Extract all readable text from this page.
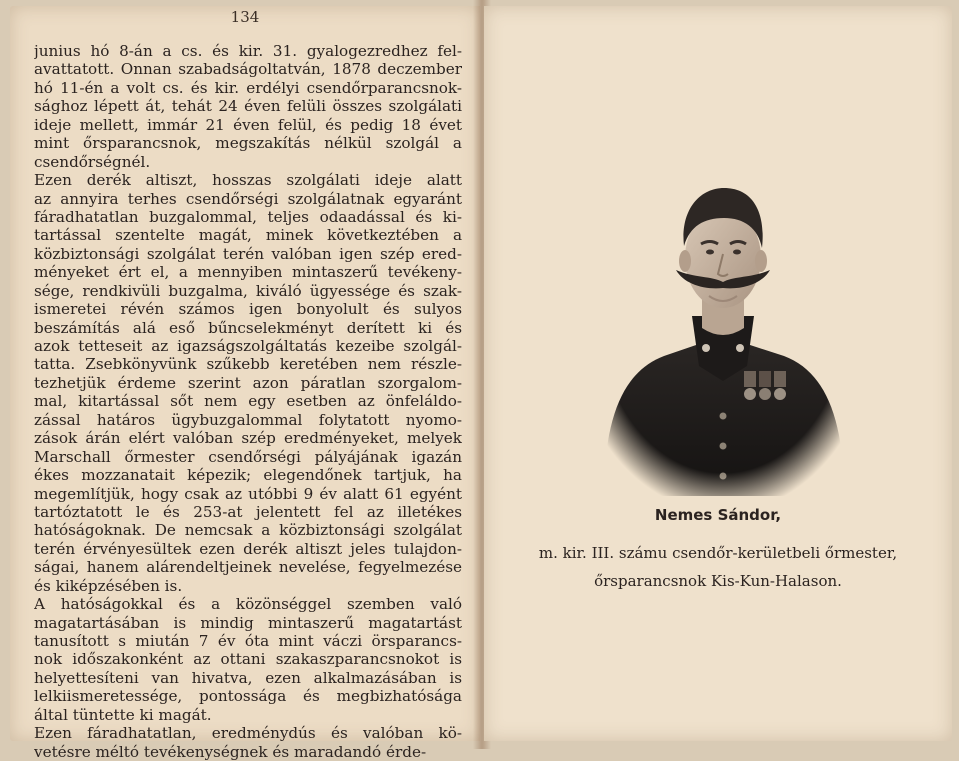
134
junius hó 8-án a cs. és kir. 31. gyalogezredhez fel-
avattatott. Onnan szabadságoltatván, 1878 deczember
hó 11-én a volt cs. és kir. erdélyi csendőrparancsnok-
sághoz lépett át, tehát 24 éven felüli összes szolgálati
ideje mellett, immár 21 éven felül, és pedig 18 évet
mint őrsparancsnok, megszakítás nélkül szolgál a
csendőrségnél.
Ezen derék altiszt, hosszas szolgálati ideje alatt
az annyira terhes csendőrségi szolgálatnak egyaránt
fáradhatatlan buzgalommal, teljes odaadással és ki-
tartással szentelte magát, minek következtében a
közbiztonsági szolgálat terén valóban igen szép ered-
ményeket ért el, a mennyiben mintaszerű tevékeny-
sége, rendkivüli buzgalma, kiváló ügyessége és szak-
ismeretei révén számos igen bonyolult és sulyos
beszámítás alá eső bűncselekményt derített ki és
azok tetteseit az igazságszolgáltatás kezeibe szolgál-
tatta. Zsebkönyvünk szűkebb keretében nem részle-
tezhetjük érdeme szerint azon páratlan szorgalom-
mal, kitartással sőt nem egy esetben az önfeláldo-
zással határos ügybuzgalommal folytatott nyomo-
zások árán elért valóban szép eredményeket, melyek
Marschall őrmester csendőrségi pályájának igazán
ékes mozzanatait képezik; elegendőnek tartjuk, ha
megemlítjük, hogy csak az utóbbi 9 év alatt 61 egyént
tartóztatott le és 253-at jelentett fel az illetékes
hatóságoknak. De nemcsak a közbiztonsági szolgálat
terén érvényesültek ezen derék altiszt jeles tulajdon-
ságai, hanem alárendeltjeinek nevelése, fegyelmezése
és kiképzésében is.
A hatóságokkal és a közönséggel szemben való
magatartásában is mindig mintaszerű magatartást
tanusított s miután 7 év óta mint váczi örsparancs-
nok időszakonként az ottani szakaszparancsnokot is
helyettesíteni van hivatva, ezen alkalmazásában is
lelkiismeretessége, pontossága és megbizhatósága
által tüntette ki magát.
Ezen fáradhatatlan, eredménydús és valóban kö-
vetésre méltó tevékenységnek és maradandó érde-
Nemes Sándor,
m. kir. III. számu csendőr-kerületbeli őrmester,
őrsparancsnok Kis-Kun-Halason.
